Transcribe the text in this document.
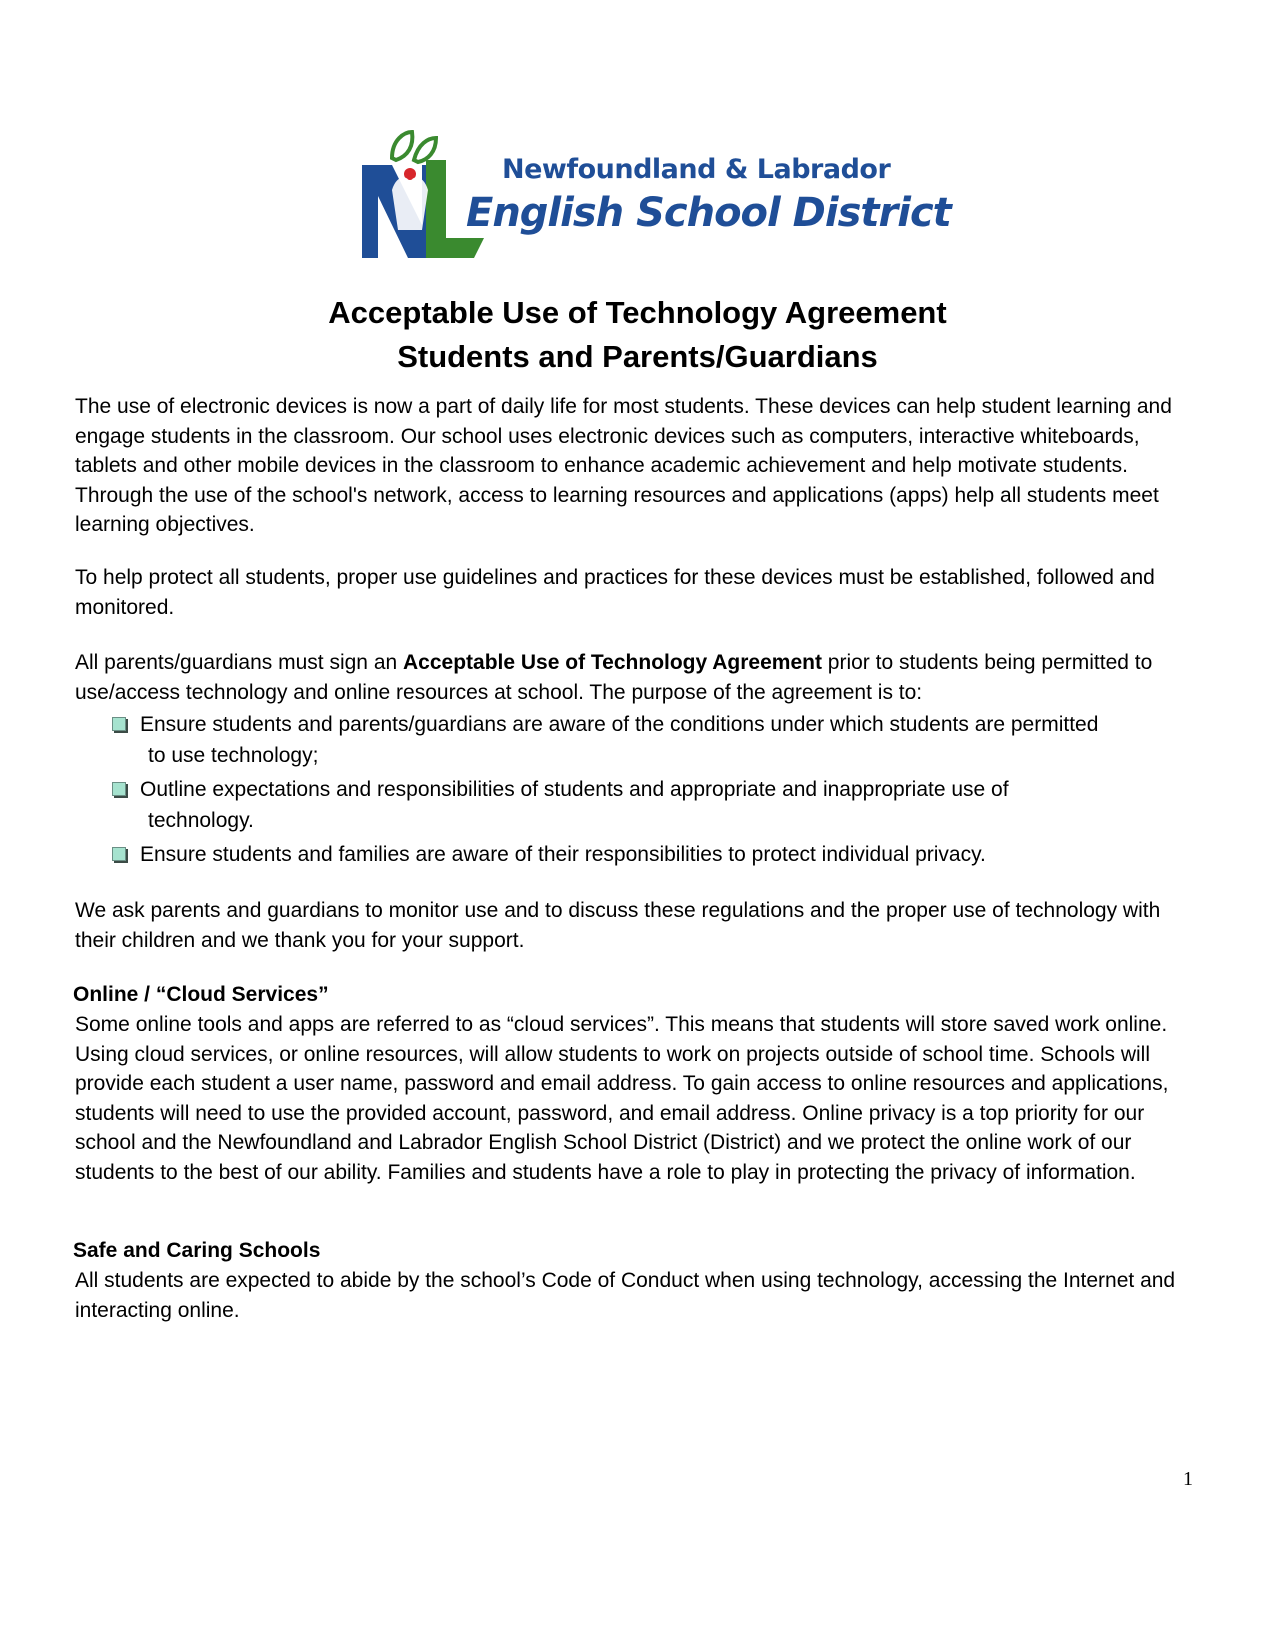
Newfoundland & Labrador
English School District
Acceptable Use of Technology Agreement
Students and Parents/Guardians
The use of electronic devices is now a part of daily life for most students. These devices can help student learning and engage students in the classroom. Our school uses electronic devices such as computers, interactive whiteboards, tablets and other mobile devices in the classroom to enhance academic achievement and help motivate students. Through the use of the school's network, access to learning resources and applications (apps) help all students meet learning objectives.
To help protect all students, proper use guidelines and practices for these devices must be established, followed and monitored.
All parents/guardians must sign an Acceptable Use of Technology Agreement prior to students being permitted to use/access technology and online resources at school. The purpose of the agreement is to:
Ensure students and parents/guardians are aware of the conditions under which students are permitted
to use technology;
Outline expectations and responsibilities of students and appropriate and inappropriate use of
technology.
Ensure students and families are aware of their responsibilities to protect individual privacy.
We ask parents and guardians to monitor use and to discuss these regulations and the proper use of technology with their children and we thank you for your support.
Online / “Cloud Services”
Some online tools and apps are referred to as “cloud services”. This means that students will store saved work online. Using cloud services, or online resources, will allow students to work on projects outside of school time. Schools will provide each student a user name, password and email address. To gain access to online resources and applications, students will need to use the provided account, password, and email address. Online privacy is a top priority for our school and the Newfoundland and Labrador English School District (District) and we protect the online work of our students to the best of our ability. Families and students have a role to play in protecting the privacy of information.
Safe and Caring Schools
All students are expected to abide by the school’s Code of Conduct when using technology, accessing the Internet and interacting online.
1
